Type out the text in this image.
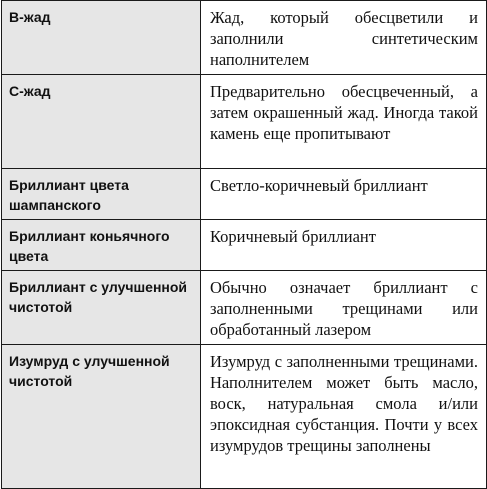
В-жад	Жад, который обесцветили и заполнили синтетическим наполнителем
С-жад	Предварительно обесцвеченный, а затем окрашенный жад. Иногда такой камень еще пропитывают
Бриллиант цвета шампанского	Светло-коричневый бриллиант
Бриллиант коньячного цвета	Коричневый бриллиант
Бриллиант с улучшенной чистотой	Обычно означает бриллиант с заполненными трещинами или обработанный лазером
Изумруд с улучшенной чистотой	Изумруд с заполненными трещинами. Наполнителем может быть масло, воск, натуральная смола и/или эпоксидная субстанция. Почти у всех изумрудов трещины заполнены
